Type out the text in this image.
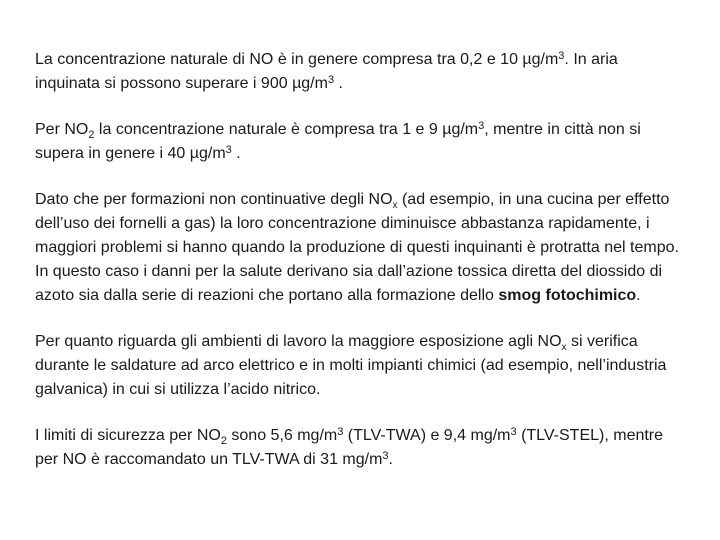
La concentrazione naturale di NO è in genere compresa tra 0,2 e 10 $\mu g/m^3$. In aria inquinata si possono superare i 900 $\mu g/m^3$ .

Per $NO_2$ la concentrazione naturale è compresa tra 1 e 9 $\mu g/m^3$, mentre in città non si supera in genere i 40 $\mu g/m^3$ .

Dato che per formazioni non continuative degli $NO_x$ (ad esempio, in una cucina per effetto dell’uso dei fornelli a gas) la loro concentrazione diminuisce abbastanza rapidamente, i maggiori problemi si hanno quando la produzione di questi inquinanti è protratta nel tempo. In questo caso i danni per la salute derivano sia dall’azione tossica diretta del diossido di azoto sia dalla serie di reazioni che portano alla formazione dello smog fotochimico.

Per quanto riguarda gli ambienti di lavoro la maggiore esposizione agli $NO_x$ si verifica durante le saldature ad arco elettrico e in molti impianti chimici (ad esempio, nell’industria galvanica) in cui si utilizza l’acido nitrico.

I limiti di sicurezza per $NO_2$ sono 5,6 $mg/m^3$ (TLV-TWA) e 9,4 $mg/m^3$ (TLV-STEL), mentre per NO è raccomandato un TLV-TWA di 31 $mg/m^3$.
